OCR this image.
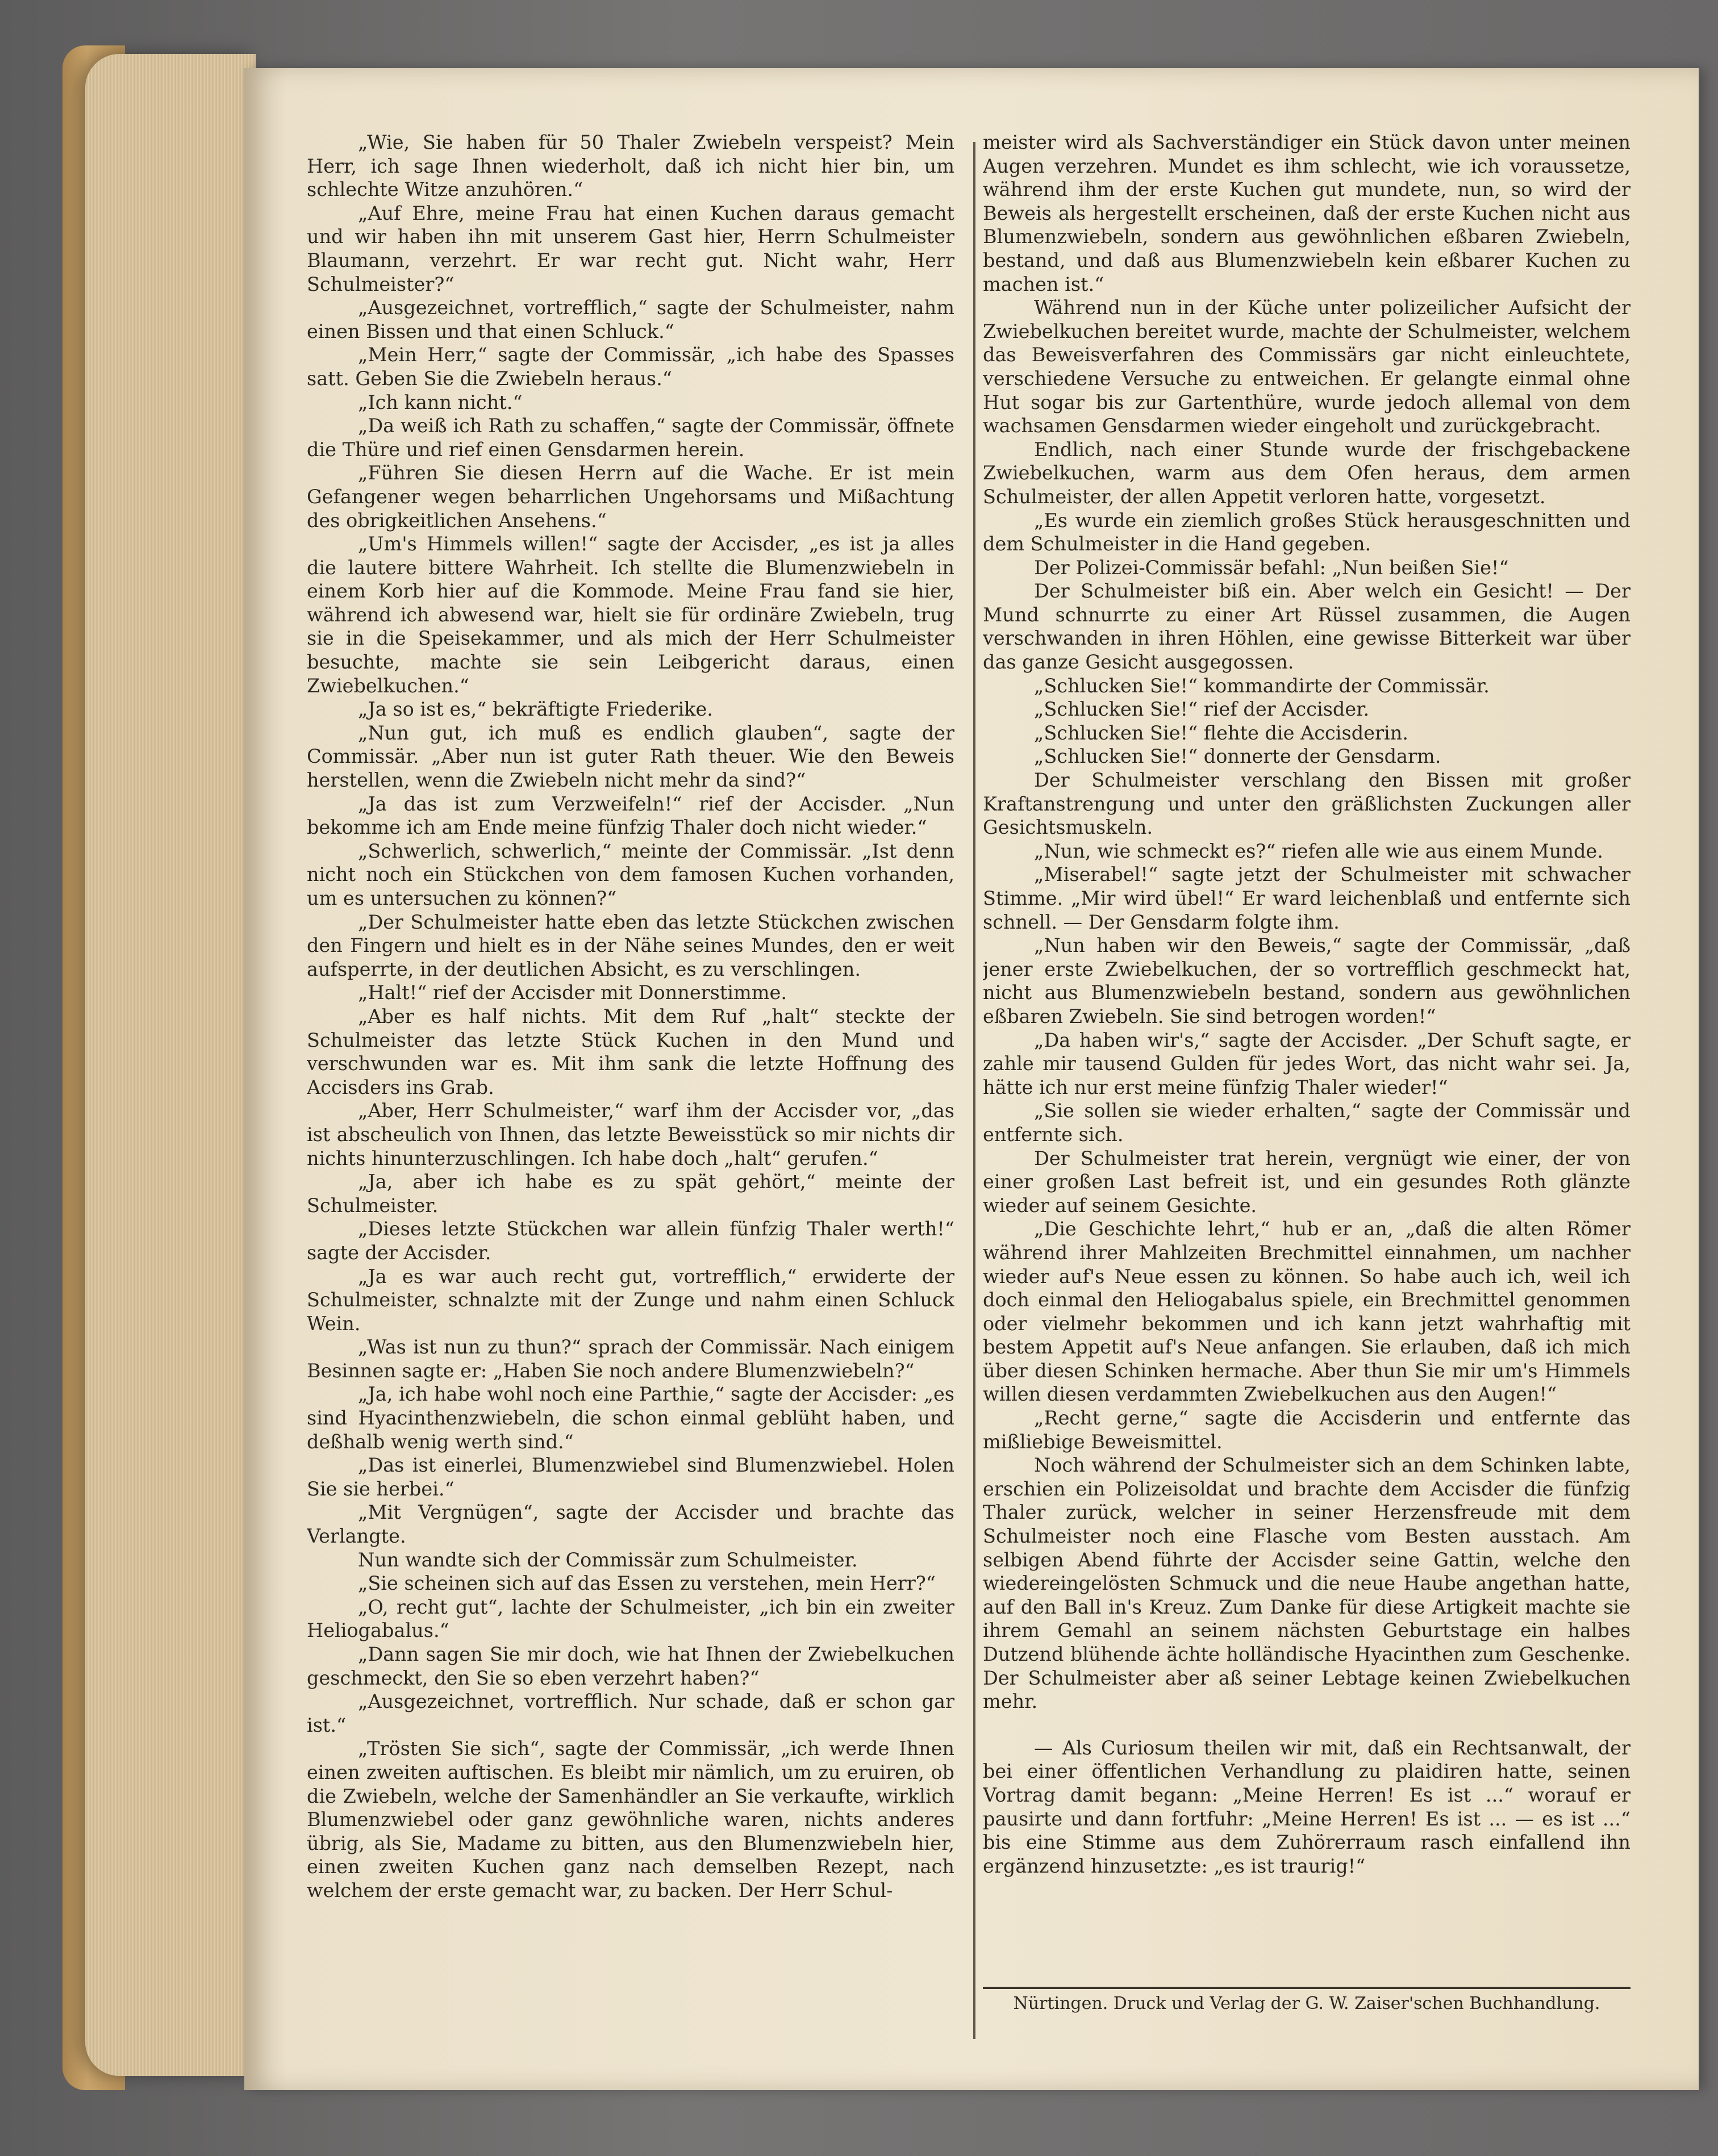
„Wie, Sie haben für 50 Thaler Zwiebeln verspeist? Mein Herr, ich sage Ihnen wiederholt, daß ich nicht hier bin, um schlechte Witze anzuhören.“

„Auf Ehre, meine Frau hat einen Kuchen daraus gemacht und wir haben ihn mit unserem Gast hier, Herrn Schulmeister Blaumann, verzehrt. Er war recht gut. Nicht wahr, Herr Schulmeister?“

„Ausgezeichnet, vortrefflich,“ sagte der Schulmeister, nahm einen Bissen und that einen Schluck.“

„Mein Herr,“ sagte der Commissär, „ich habe des Spasses satt. Geben Sie die Zwiebeln heraus.“

„Ich kann nicht.“

„Da weiß ich Rath zu schaffen,“ sagte der Commissär, öffnete die Thüre und rief einen Gensdarmen herein.

„Führen Sie diesen Herrn auf die Wache. Er ist mein Gefangener wegen beharrlichen Ungehorsams und Mißachtung des obrigkeitlichen Ansehens.“

„Um's Himmels willen!“ sagte der Accisder, „es ist ja alles die lautere bittere Wahrheit. Ich stellte die Blumenzwiebeln in einem Korb hier auf die Kommode. Meine Frau fand sie hier, während ich abwesend war, hielt sie für ordinäre Zwiebeln, trug sie in die Speisekammer, und als mich der Herr Schulmeister besuchte, machte sie sein Leibgericht daraus, einen Zwiebelkuchen.“

„Ja so ist es,“ bekräftigte Friederike.

„Nun gut, ich muß es endlich glauben“, sagte der Commissär. „Aber nun ist guter Rath theuer. Wie den Beweis herstellen, wenn die Zwiebeln nicht mehr da sind?“

„Ja das ist zum Verzweifeln!“ rief der Accisder. „Nun bekomme ich am Ende meine fünfzig Thaler doch nicht wieder.“

„Schwerlich, schwerlich,“ meinte der Commissär. „Ist denn nicht noch ein Stückchen von dem famosen Kuchen vorhanden, um es untersuchen zu können?“

„Der Schulmeister hatte eben das letzte Stückchen zwischen den Fingern und hielt es in der Nähe seines Mundes, den er weit aufsperrte, in der deutlichen Absicht, es zu verschlingen.

„Halt!“ rief der Accisder mit Donnerstimme.

„Aber es half nichts. Mit dem Ruf „halt“ steckte der Schulmeister das letzte Stück Kuchen in den Mund und verschwunden war es. Mit ihm sank die letzte Hoffnung des Accisders ins Grab.

„Aber, Herr Schulmeister,“ warf ihm der Accisder vor, „das ist abscheulich von Ihnen, das letzte Beweisstück so mir nichts dir nichts hinunterzuschlingen. Ich habe doch „halt“ gerufen.“

„Ja, aber ich habe es zu spät gehört,“ meinte der Schulmeister.

„Dieses letzte Stückchen war allein fünfzig Thaler werth!“ sagte der Accisder.

„Ja es war auch recht gut, vortrefflich,“ erwiderte der Schulmeister, schnalzte mit der Zunge und nahm einen Schluck Wein.

„Was ist nun zu thun?“ sprach der Commissär. Nach einigem Besinnen sagte er: „Haben Sie noch andere Blumenzwiebeln?“

„Ja, ich habe wohl noch eine Parthie,“ sagte der Accisder: „es sind Hyacinthenzwiebeln, die schon einmal geblüht haben, und deßhalb wenig werth sind.“

„Das ist einerlei, Blumenzwiebel sind Blumenzwiebel. Holen Sie sie herbei.“

„Mit Vergnügen“, sagte der Accisder und brachte das Verlangte.

Nun wandte sich der Commissär zum Schulmeister.

„Sie scheinen sich auf das Essen zu verstehen, mein Herr?“

„O, recht gut“, lachte der Schulmeister, „ich bin ein zweiter Heliogabalus.“

„Dann sagen Sie mir doch, wie hat Ihnen der Zwiebelkuchen geschmeckt, den Sie so eben verzehrt haben?“

„Ausgezeichnet, vortrefflich. Nur schade, daß er schon gar ist.“

„Trösten Sie sich“, sagte der Commissär, „ich werde Ihnen einen zweiten auftischen. Es bleibt mir nämlich, um zu eruiren, ob die Zwiebeln, welche der Samenhändler an Sie verkaufte, wirklich Blumenzwiebel oder ganz gewöhnliche waren, nichts anderes übrig, als Sie, Madame zu bitten, aus den Blumenzwiebeln hier, einen zweiten Kuchen ganz nach demselben Rezept, nach welchem der erste gemacht war, zu backen. Der Herr Schul-

meister wird als Sachverständiger ein Stück davon unter meinen Augen verzehren. Mundet es ihm schlecht, wie ich voraussetze, während ihm der erste Kuchen gut mundete, nun, so wird der Beweis als hergestellt erscheinen, daß der erste Kuchen nicht aus Blumenzwiebeln, sondern aus gewöhnlichen eßbaren Zwiebeln, bestand, und daß aus Blumenzwiebeln kein eßbarer Kuchen zu machen ist.“

Während nun in der Küche unter polizeilicher Aufsicht der Zwiebelkuchen bereitet wurde, machte der Schulmeister, welchem das Beweisverfahren des Commissärs gar nicht einleuchtete, verschiedene Versuche zu entweichen. Er gelangte einmal ohne Hut sogar bis zur Gartenthüre, wurde jedoch allemal von dem wachsamen Gensdarmen wieder eingeholt und zurückgebracht.

Endlich, nach einer Stunde wurde der frischgebackene Zwiebelkuchen, warm aus dem Ofen heraus, dem armen Schulmeister, der allen Appetit verloren hatte, vorgesetzt.

„Es wurde ein ziemlich großes Stück herausgeschnitten und dem Schulmeister in die Hand gegeben.

Der Polizei-Commissär befahl: „Nun beißen Sie!“

Der Schulmeister biß ein. Aber welch ein Gesicht! — Der Mund schnurrte zu einer Art Rüssel zusammen, die Augen verschwanden in ihren Höhlen, eine gewisse Bitterkeit war über das ganze Gesicht ausgegossen.

„Schlucken Sie!“ kommandirte der Commissär.

„Schlucken Sie!“ rief der Accisder.

„Schlucken Sie!“ flehte die Accisderin.

„Schlucken Sie!“ donnerte der Gensdarm.

Der Schulmeister verschlang den Bissen mit großer Kraftanstrengung und unter den gräßlichsten Zuckungen aller Gesichtsmuskeln.

„Nun, wie schmeckt es?“ riefen alle wie aus einem Munde.

„Miserabel!“ sagte jetzt der Schulmeister mit schwacher Stimme. „Mir wird übel!“ Er ward leichenblaß und entfernte sich schnell. — Der Gensdarm folgte ihm.

„Nun haben wir den Beweis,“ sagte der Commissär, „daß jener erste Zwiebelkuchen, der so vortrefflich geschmeckt hat, nicht aus Blumenzwiebeln bestand, sondern aus gewöhnlichen eßbaren Zwiebeln. Sie sind betrogen worden!“

„Da haben wir's,“ sagte der Accisder. „Der Schuft sagte, er zahle mir tausend Gulden für jedes Wort, das nicht wahr sei. Ja, hätte ich nur erst meine fünfzig Thaler wieder!“

„Sie sollen sie wieder erhalten,“ sagte der Commissär und entfernte sich.

Der Schulmeister trat herein, vergnügt wie einer, der von einer großen Last befreit ist, und ein gesundes Roth glänzte wieder auf seinem Gesichte.

„Die Geschichte lehrt,“ hub er an, „daß die alten Römer während ihrer Mahlzeiten Brechmittel einnahmen, um nachher wieder auf's Neue essen zu können. So habe auch ich, weil ich doch einmal den Heliogabalus spiele, ein Brechmittel genommen oder vielmehr bekommen und ich kann jetzt wahrhaftig mit bestem Appetit auf's Neue anfangen. Sie erlauben, daß ich mich über diesen Schinken hermache. Aber thun Sie mir um's Himmels willen diesen verdammten Zwiebelkuchen aus den Augen!“

„Recht gerne,“ sagte die Accisderin und entfernte das mißliebige Beweismittel.

Noch während der Schulmeister sich an dem Schinken labte, erschien ein Polizeisoldat und brachte dem Accisder die fünfzig Thaler zurück, welcher in seiner Herzensfreude mit dem Schulmeister noch eine Flasche vom Besten ausstach. Am selbigen Abend führte der Accisder seine Gattin, welche den wiedereingelösten Schmuck und die neue Haube angethan hatte, auf den Ball in's Kreuz. Zum Danke für diese Artigkeit machte sie ihrem Gemahl an seinem nächsten Geburtstage ein halbes Dutzend blühende ächte holländische Hyacinthen zum Geschenke. Der Schulmeister aber aß seiner Lebtage keinen Zwiebelkuchen mehr.

— Als Curiosum theilen wir mit, daß ein Rechtsanwalt, der bei einer öffentlichen Verhandlung zu plaidiren hatte, seinen Vortrag damit begann: „Meine Herren! Es ist ...“ worauf er pausirte und dann fortfuhr: „Meine Herren! Es ist ... — es ist ...“ bis eine Stimme aus dem Zuhörerraum rasch einfallend ihn ergänzend hinzusetzte: „es ist traurig!“

Nürtingen. Druck und Verlag der G. W. Zaiser'schen Buchhandlung.
